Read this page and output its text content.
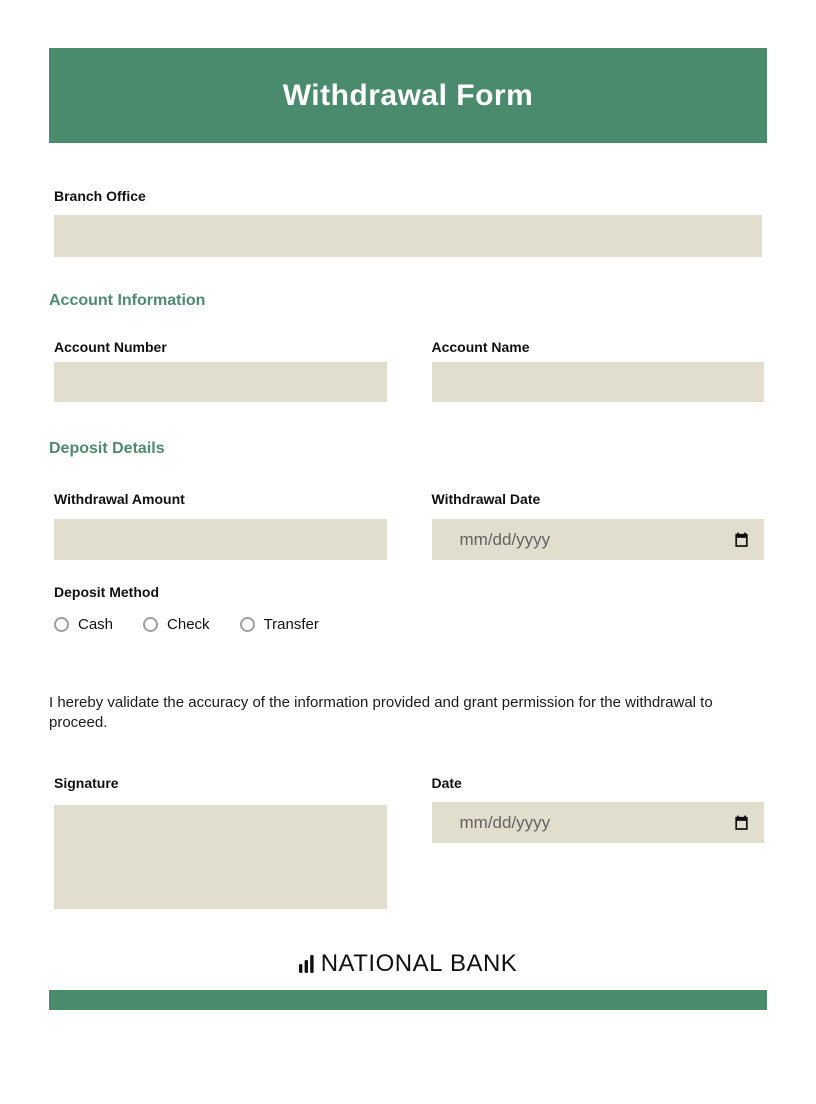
Withdrawal Form
Branch Office
Account Information
Account Number	Account Name
Deposit Details
Withdrawal Amount	Withdrawal Date
mm/dd/yyyy
Deposit Method
Cash	Check	Transfer

I hereby validate the accuracy of the information provided and grant permission for the withdrawal to proceed.

Signature	Date
mm/dd/yyyy
NATIONAL BANK
